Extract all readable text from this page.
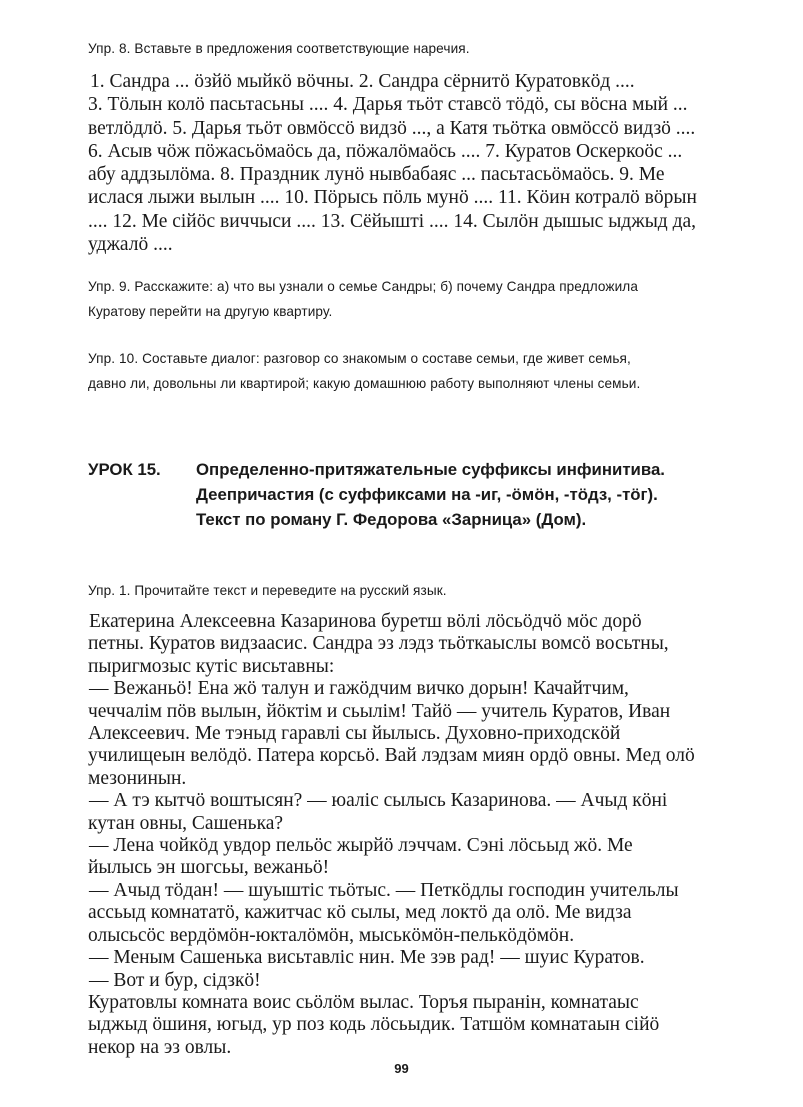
Упр. 8. Вставьте в предложения соответствующие наречия.
1. Сандра ... öзйö мыйкö вöчны. 2. Сандра сёрнитö Куратовкöд ....
3. Тöлын колö пасьтасьны .... 4. Дарья тьöт ставсö тöдö, сы вöсна мый ...
ветлöдлö. 5. Дарья тьöт овмöссö видзö ..., а Катя тьöтка овмöссö видзö ....
6. Асыв чöж пöжасьöмаöсь да, пöжалöмаöсь .... 7. Куратов Оскеркоöс ...
абу аддзылöма. 8. Праздник лунö нывбабаяс ... пасьтасьöмаöсь. 9. Ме
ислася лыжи вылын .... 10. Пöрысь пöль мунö .... 11. Кöин котралö вöрын
.... 12. Ме сійöс виччыси .... 13. Сёйышті .... 14. Сылöн дышыс ыджыд да,
уджалö ....
Упр. 9. Расскажите: а) что вы узнали о семье Сандры; б) почему Сандра предложила
Куратову перейти на другую квартиру.
Упр. 10. Составьте диалог: разговор со знакомым о составе семьи, где живет семья,
давно ли, довольны ли квартирой; какую домашнюю работу выполняют члены семьи.
УРОК 15. Определенно-притяжательные суффиксы инфинитива.
Деепричастия (с суффиксами на -иг, -öмöн, -тöдз, -тöг).
Текст по роману Г. Федорова «Зарница» (Дом).
Упр. 1. Прочитайте текст и переведите на русский язык.
Екатерина Алексеевна Казаринова буретш вöлі лöсьöдчö мöс дорö
петны. Куратов видзаасис. Сандра эз лэдз тьöткаыслы вомсö восьтны,
пыригмозыс кутіс висьтавны:
— Вежаньö! Ена жö талун и гажöдчим вичко дорын! Качайтчим,
чеччалім пöв вылын, йöктім и сьылім! Тайö — учитель Куратов, Иван
Алексеевич. Ме тэныд гаравлі сы йылысь. Духовно-приходскöй
училищеын велöдö. Патера корсьö. Вай лэдзам миян ордö овны. Мед олö
мезонинын.
— А тэ кытчö воштысян? — юаліс сылысь Казаринова. — Ачыд кöні
кутан овны, Сашенька?
— Лена чойкöд увдор пельöс жырйö лэччам. Сэні лöсьыд жö. Ме
йылысь эн шогсьы, вежаньö!
— Ачыд тöдан! — шуыштіс тьöтыс. — Петкöдлы господин учительлы
ассьыд комнататö, кажитчас кö сылы, мед локтö да олö. Ме видза
олысьсöс вердöмöн-юкталöмöн, мыськöмöн-пелькöдöмöн.
— Меным Сашенька висьтавліс нин. Ме зэв рад! — шуис Куратов.
— Вот и бур, сідзкö!
Куратовлы комната воис сьöлöм вылас. Торъя пыранін, комнатаыс
ыджыд öшиня, югыд, ур поз кодь лöсьыдик. Татшöм комнатаын сійö
некор на эз овлы.
99
